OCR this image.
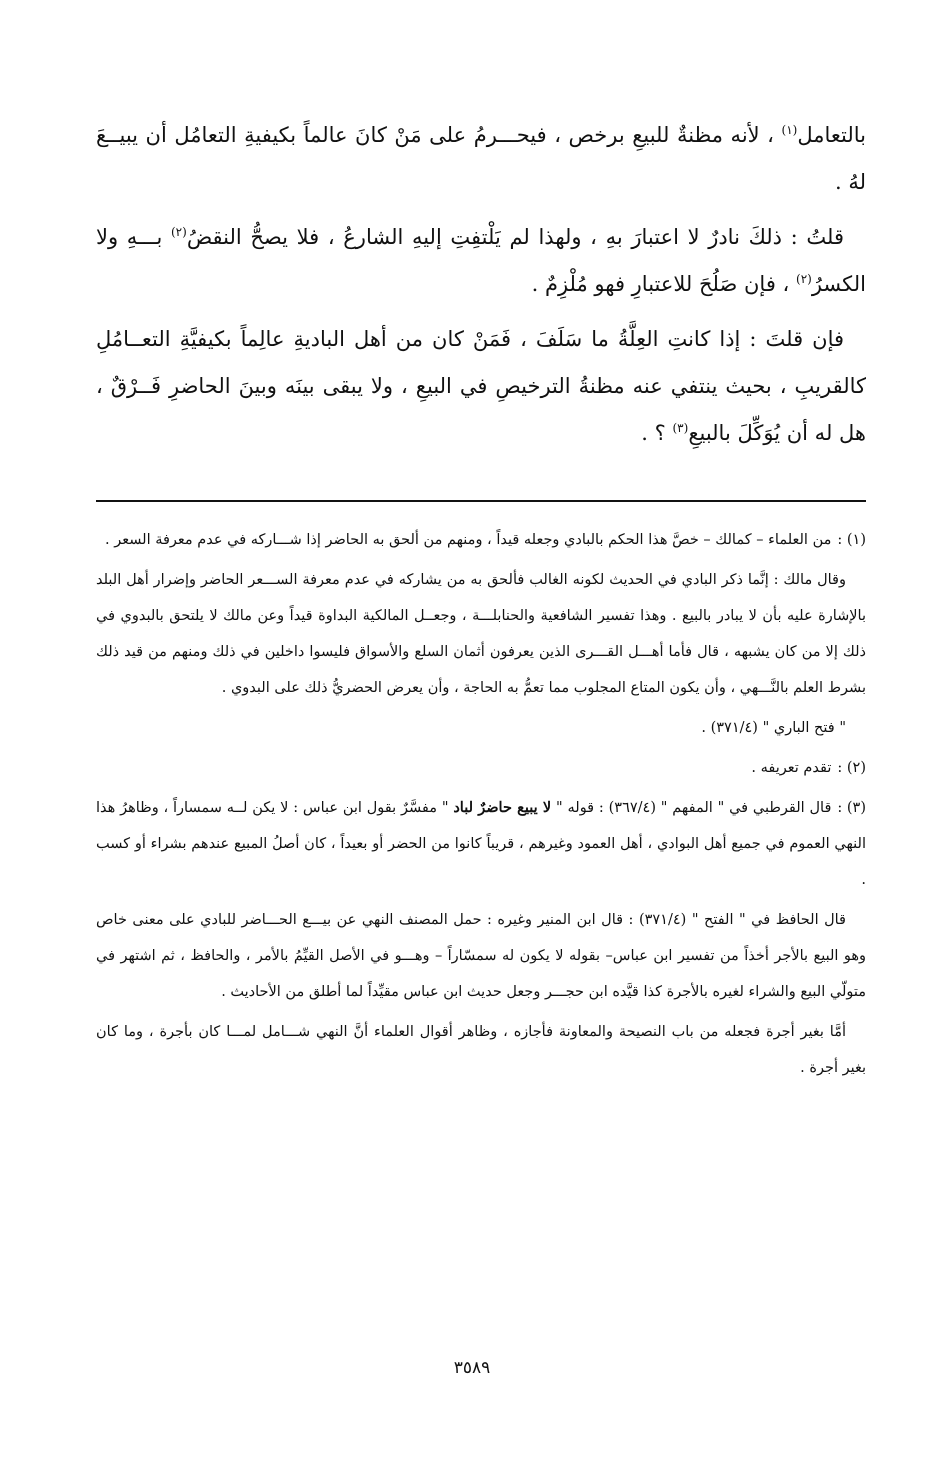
بالتعامل$^{(١)}$ ، لأنه مظنةٌ للبيعِ برخص ، فيحـــرمُ على مَنْ كانَ عالماً بكيفيةِ التعامُل أن يبيــعَ لهُ .

قلتُ : ذلكَ نادرٌ لا اعتبارَ بهِ ، ولهذا لم يَلْتفِتِ إليهِ الشارعُ ، فلا يصحُّ النقضُ$^{(٢)}$ بـــهِ ولا الكسرُ$^{(٢)}$ ، فإن صَلُحَ للاعتبارِ فهو مُلْزِمٌ .

فإن قلتَ : إذا كانتِ العِلَّةُ ما سَلَفَ ، فَمَنْ كان من أهل الباديةِ عالِماً بكيفيَّةِ التعــامُلِ كالقريبِ ، بحيث ينتفي عنه مظنةُ الترخيصِ في البيعِ ، ولا يبقى بينَه وبينَ الحاضرِ فَــرْقٌ ، هل له أن يُوَكِّلَ بالبيعِ$^{(٣)}$ ؟ .

(١) :من العلماء – كمالك – خصَّ هذا الحكم بالبادي وجعله قيداً ، ومنهم من ألحق به الحاضر إذا شـــاركه في عدم معرفة السعر .

وقال مالك : إنَّما ذكر البادي في الحديث لكونه الغالب فألحق به من يشاركه في عدم معرفة الســـعر الحاضر وإضرار أهل البلد بالإشارة عليه بأن لا يبادر بالبيع . وهذا تفسير الشافعية والحنابلـــة ، وجعــل المالكية البداوة قيداً وعن مالك لا يلتحق بالبدوي في ذلك إلا من كان يشبهه ، قال فأما أهـــل القـــرى الذين يعرفون أثمان السلع والأسواق فليسوا داخلين في ذلك ومنهم من قيد ذلك بشرط العلم بالنَّـــهي ، وأن يكون المتاع المجلوب مما تعمُّ به الحاجة ، وأن يعرض الحضريُّ ذلك على البدوي .

" فتح الباري " (٣٧١/٤) .

(٢) :تقدم تعريفه .

(٣) :قال القرطبي في " المفهم " (٣٦٧/٤) : قوله " لا يبيع حاضرٌ لباد " مفسَّرٌ بقول ابن عباس : لا يكن لــه سمساراً ، وظاهرُ هذا النهي العموم في جميع أهل البوادي ، أهل العمود وغيرهم ، قريباً كانوا من الحضر أو بعيداً ، كان أصلُ المبيع عندهم بشراء أو كسب .

قال الحافظ في " الفتح " (٣٧١/٤) : قال ابن المنير وغيره : حمل المصنف النهي عن بيـــع الحـــاضر للبادي على معنى خاص وهو البيع بالأجر أخذاً من تفسير ابن عباس– بقوله لا يكون له سمسّاراً – وهـــو في الأصل القيِّمُ بالأمر ، والحافظ ، ثم اشتهر في متولّي البيع والشراء لغيره بالأجرة كذا قيَّده ابن حجـــر وجعل حديث ابن عباس مقيِّداً لما أطلق من الأحاديث .

أمَّا بغير أجرة فجعله من باب النصيحة والمعاونة فأجازه ، وظاهر أقوال العلماء أنَّ النهي شـــامل لمـــا كان بأجرة ، وما كان بغير أجرة .

٣٥٨٩
